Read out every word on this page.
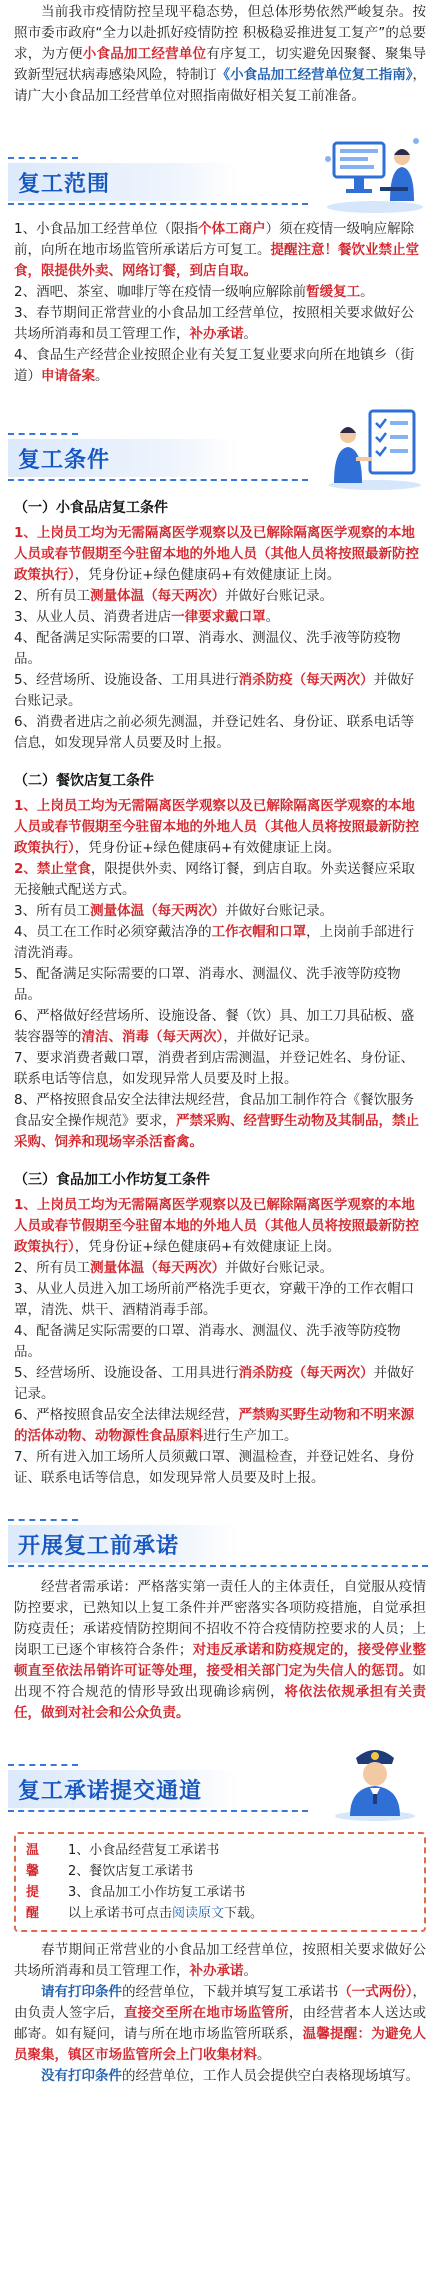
当前我市疫情防控呈现平稳态势，但总体形势依然严峻复杂。按照市委市政府“全力以赴抓好疫情防控 积极稳妥推进复工复产”的总要求，为方便小食品加工经营单位有序复工，切实避免因聚餐、聚集导致新型冠状病毒感染风险，特制订《小食品加工经营单位复工指南》，请广大小食品加工经营单位对照指南做好相关复工前准备。

复工范围

1、小食品加工经营单位（限指个体工商户）须在疫情一级响应解除前，向所在地市场监管所承诺后方可复工。提醒注意！餐饮业禁止堂食，限提供外卖、网络订餐，到店自取。

2、酒吧、茶室、咖啡厅等在疫情一级响应解除前暂缓复工。

3、春节期间正常营业的小食品加工经营单位，按照相关要求做好公共场所消毒和员工管理工作，补办承诺。

4、食品生产经营企业按照企业有关复工复业要求向所在地镇乡（街道）申请备案。

复工条件
（一）小食品店复工条件

1、上岗员工均为无需隔离医学观察以及已解除隔离医学观察的本地人员或春节假期至今驻留本地的外地人员（其他人员将按照最新防控政策执行），凭身份证+绿色健康码+有效健康证上岗。

2、所有员工测量体温（每天两次）并做好台账记录。

3、从业人员、消费者进店一律要求戴口罩。

4、配备满足实际需要的口罩、消毒水、测温仪、洗手液等防疫物品。

5、经营场所、设施设备、工用具进行消杀防疫（每天两次）并做好台账记录。

6、消费者进店之前必须先测温，并登记姓名、身份证、联系电话等信息，如发现异常人员要及时上报。

（二）餐饮店复工条件

1、上岗员工均为无需隔离医学观察以及已解除隔离医学观察的本地人员或春节假期至今驻留本地的外地人员（其他人员将按照最新防控政策执行），凭身份证+绿色健康码+有效健康证上岗。

2、禁止堂食，限提供外卖、网络订餐，到店自取。外卖送餐应采取无接触式配送方式。

3、所有员工测量体温（每天两次）并做好台账记录。

4、员工在工作时必须穿戴洁净的工作衣帽和口罩，上岗前手部进行清洗消毒。

5、配备满足实际需要的口罩、消毒水、测温仪、洗手液等防疫物品。

6、严格做好经营场所、设施设备、餐（饮）具、加工刀具砧板、盛装容器等的清洁、消毒（每天两次），并做好记录。

7、要求消费者戴口罩，消费者到店需测温，并登记姓名、身份证、联系电话等信息，如发现异常人员要及时上报。

8、严格按照食品安全法律法规经营，食品加工制作符合《餐饮服务食品安全操作规范》要求，严禁采购、经营野生动物及其制品，禁止采购、饲养和现场宰杀活畜禽。

（三）食品加工小作坊复工条件

1、上岗员工均为无需隔离医学观察以及已解除隔离医学观察的本地人员或春节假期至今驻留本地的外地人员（其他人员将按照最新防控政策执行），凭身份证+绿色健康码+有效健康证上岗。

2、所有员工测量体温（每天两次）并做好台账记录。

3、从业人员进入加工场所前严格洗手更衣，穿戴干净的工作衣帽口罩，清洗、烘干、酒精消毒手部。

4、配备满足实际需要的口罩、消毒水、测温仪、洗手液等防疫物品。

5、经营场所、设施设备、工用具进行消杀防疫（每天两次）并做好记录。

6、严格按照食品安全法律法规经营，严禁购买野生动物和不明来源的活体动物、动物源性食品原料进行生产加工。

7、所有进入加工场所人员须戴口罩、测温检查，并登记姓名、身份证、联系电话等信息，如发现异常人员要及时上报。

开展复工前承诺

经营者需承诺：严格落实第一责任人的主体责任，自觉服从疫情防控要求，已熟知以上复工条件并严密落实各项防疫措施，自觉承担防疫责任；承诺疫情防控期间不招收不符合疫情防控要求的人员；上岗职工已逐个审核符合条件；对违反承诺和防疫规定的，接受停业整顿直至依法吊销许可证等处理，接受相关部门定为失信人的惩罚。如出现不符合规范的情形导致出现确诊病例，将依法依规承担有关责任，做到对社会和公众负责。

复工承诺提交通道
温
馨
提
醒
1、小食品经营复工承诺书
2、餐饮店复工承诺书
3、食品加工小作坊复工承诺书
以上承诺书可点击阅读原文下载。

春节期间正常营业的小食品加工经营单位，按照相关要求做好公共场所消毒和员工管理工作，补办承诺。

请有打印条件的经营单位，下载并填写复工承诺书（一式两份），由负责人签字后，直接交至所在地市场监管所，由经营者本人送达或邮寄。如有疑问，请与所在地市场监管所联系，温馨提醒：为避免人员聚集，镇区市场监管所会上门收集材料。

没有打印条件的经营单位，工作人员会提供空白表格现场填写。
